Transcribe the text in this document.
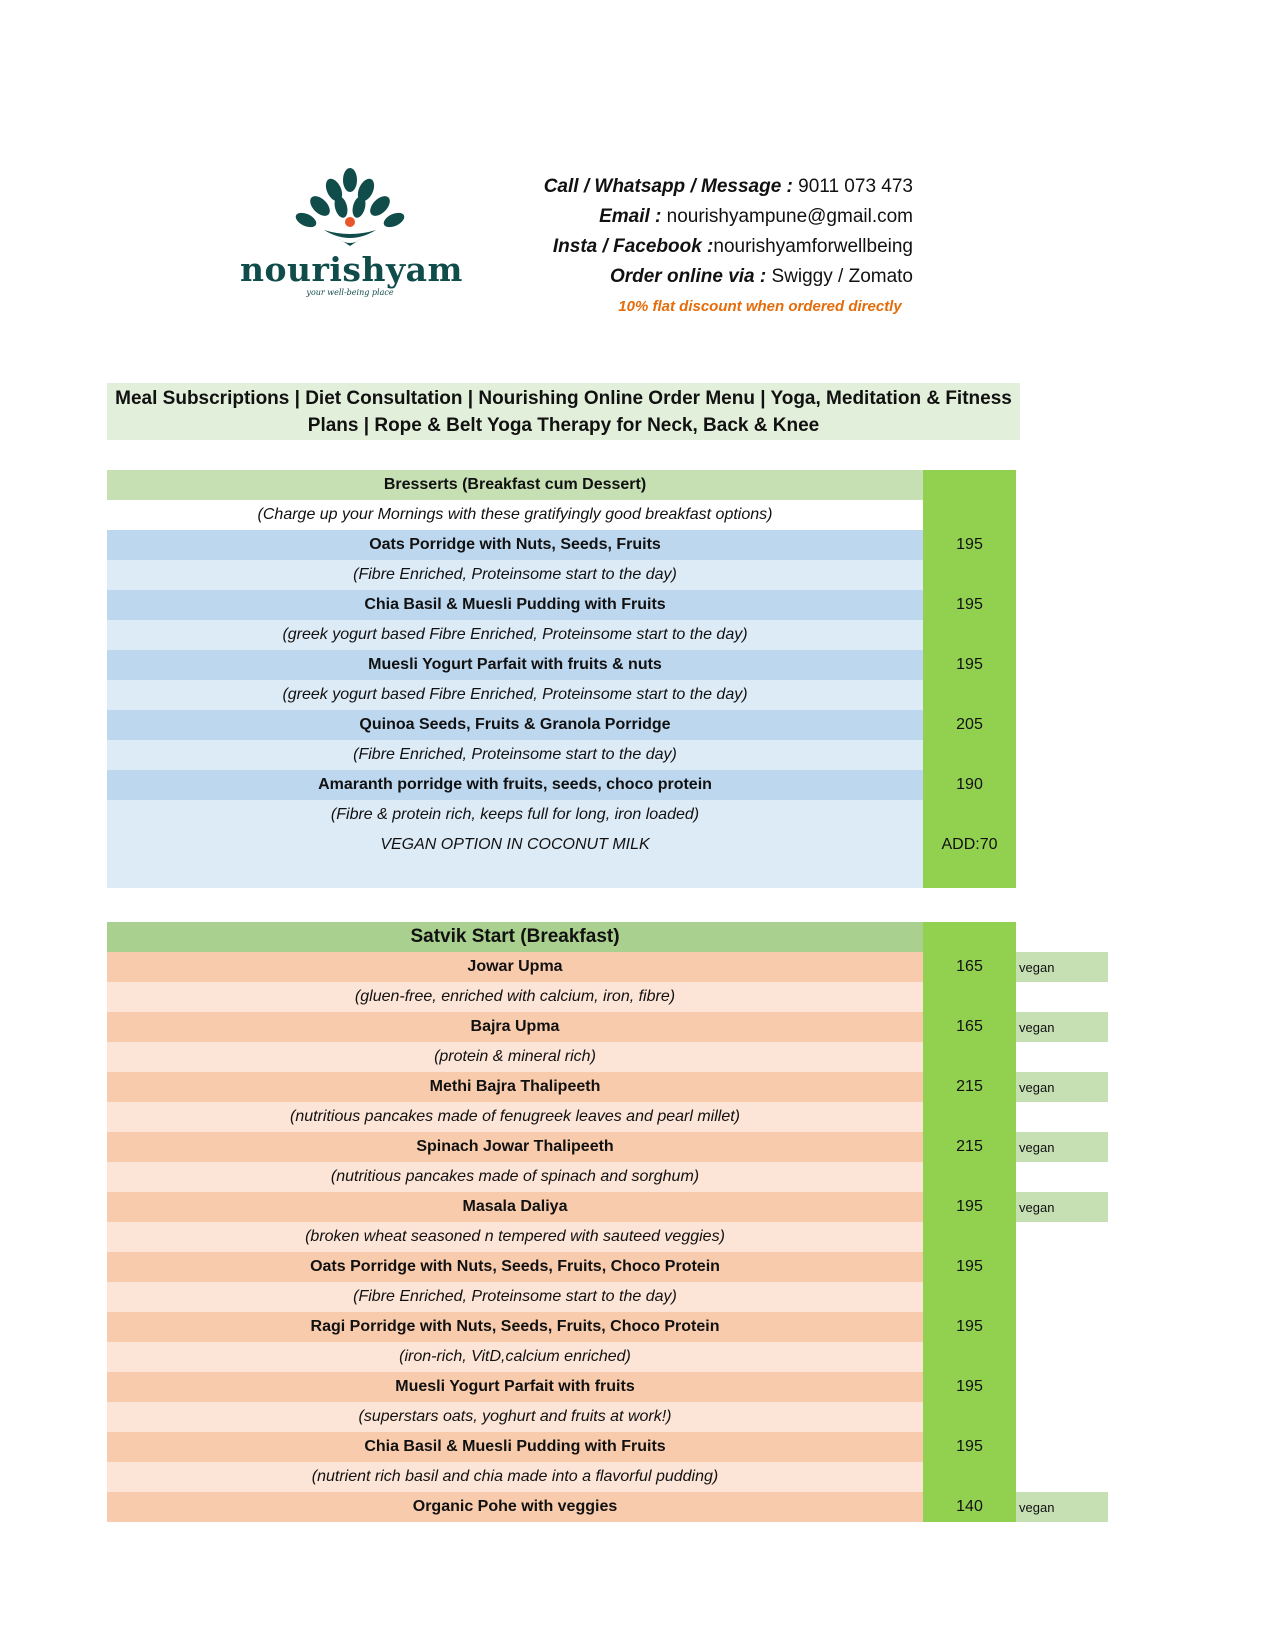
nourishyam
your well-being place
Call / Whatsapp / Message : 9011 073 473
Email : nourishyampune@gmail.com
Insta / Facebook :nourishyamforwellbeing
Order online via : Swiggy / Zomato
10% flat discount when ordered directly
Meal Subscriptions | Diet Consultation | Nourishing Online Order Menu | Yoga, Meditation & Fitness
Plans | Rope & Belt Yoga Therapy for Neck, Back & Knee
Bresserts (Breakfast cum Dessert)	
(Charge up your Mornings with these gratifyingly good breakfast options)	
Oats Porridge with Nuts, Seeds, Fruits	195
(Fibre Enriched, Proteinsome start to the day)	
Chia Basil & Muesli Pudding with Fruits	195
(greek yogurt based Fibre Enriched, Proteinsome start to the day)	
Muesli Yogurt Parfait with fruits & nuts	195
(greek yogurt based Fibre Enriched, Proteinsome start to the day)	
Quinoa Seeds, Fruits & Granola Porridge	205
(Fibre Enriched, Proteinsome start to the day)	
Amaranth porridge with fruits, seeds, choco protein	190
(Fibre & protein rich, keeps full for long, iron loaded)	
VEGAN OPTION IN COCONUT MILK	ADD:70

Satvik Start (Breakfast)		
Jowar Upma	165	vegan
(gluen-free, enriched with calcium, iron, fibre)		
Bajra Upma	165	vegan
(protein & mineral rich)		
Methi Bajra Thalipeeth	215	vegan
(nutritious pancakes made of fenugreek leaves and pearl millet)		
Spinach Jowar Thalipeeth	215	vegan
(nutritious pancakes made of spinach and sorghum)		
Masala Daliya	195	vegan
(broken wheat seasoned n tempered with sauteed veggies)		
Oats Porridge with Nuts, Seeds, Fruits, Choco Protein	195	
(Fibre Enriched, Proteinsome start to the day)		
Ragi Porridge with Nuts, Seeds, Fruits, Choco Protein	195	
(iron-rich, VitD,calcium enriched)		
Muesli Yogurt Parfait with fruits	195	
(superstars oats, yoghurt and fruits at work!)		
Chia Basil & Muesli Pudding with Fruits	195	
(nutrient rich basil and chia made into a flavorful pudding)		
Organic Pohe with veggies	140	vegan
